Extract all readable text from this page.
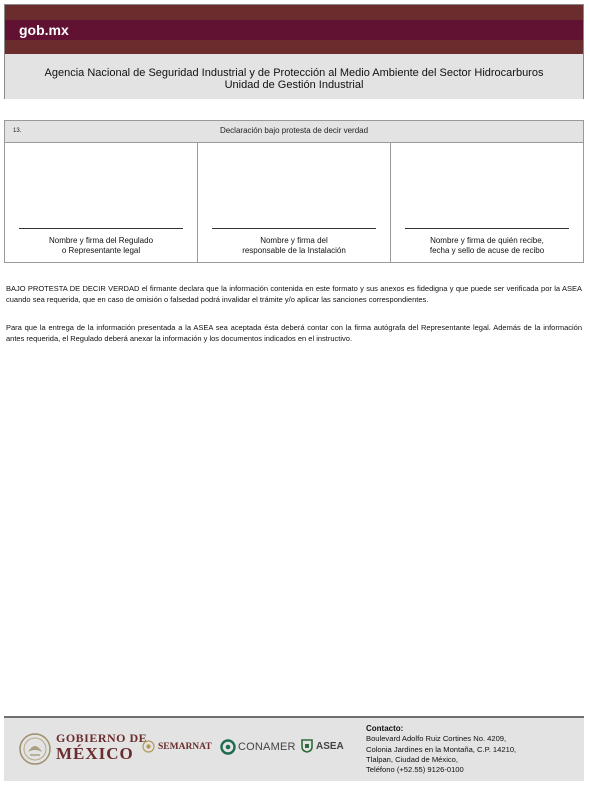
gob.mx
Agencia Nacional de Seguridad Industrial y de Protección al Medio Ambiente del Sector Hidrocarburos
Unidad de Gestión Industrial
13.	Declaración bajo protesta de decir verdad
Nombre y firma del Regulado
o Representante legal
Nombre y firma del
responsable de la Instalación
Nombre y firma de quién recibe,
fecha y sello de acuse de recibo

BAJO PROTESTA DE DECIR VERDAD el firmante declara que la información contenida en este formato y sus anexos es fidedigna y que puede ser verificada por la ASEA cuando sea requerida, que en caso de omisión o falsedad podrá invalidar el trámite y/o aplicar las sanciones correspondientes.

Para que la entrega de la información presentada a la ASEA sea aceptada ésta deberá contar con la firma autógrafa del Representante legal. Además de la información antes requerida, el Regulado deberá anexar la información y los documentos indicados en el instructivo.

GOBIERNO DE
MÉXICO	SEMARNAT CONAMER ASEA
Contacto:
Boulevard Adolfo Ruiz Cortines No. 4209,
Colonia Jardines en la Montaña, C.P. 14210,
Tlalpan, Ciudad de México,
Teléfono (+52.55) 9126-0100
